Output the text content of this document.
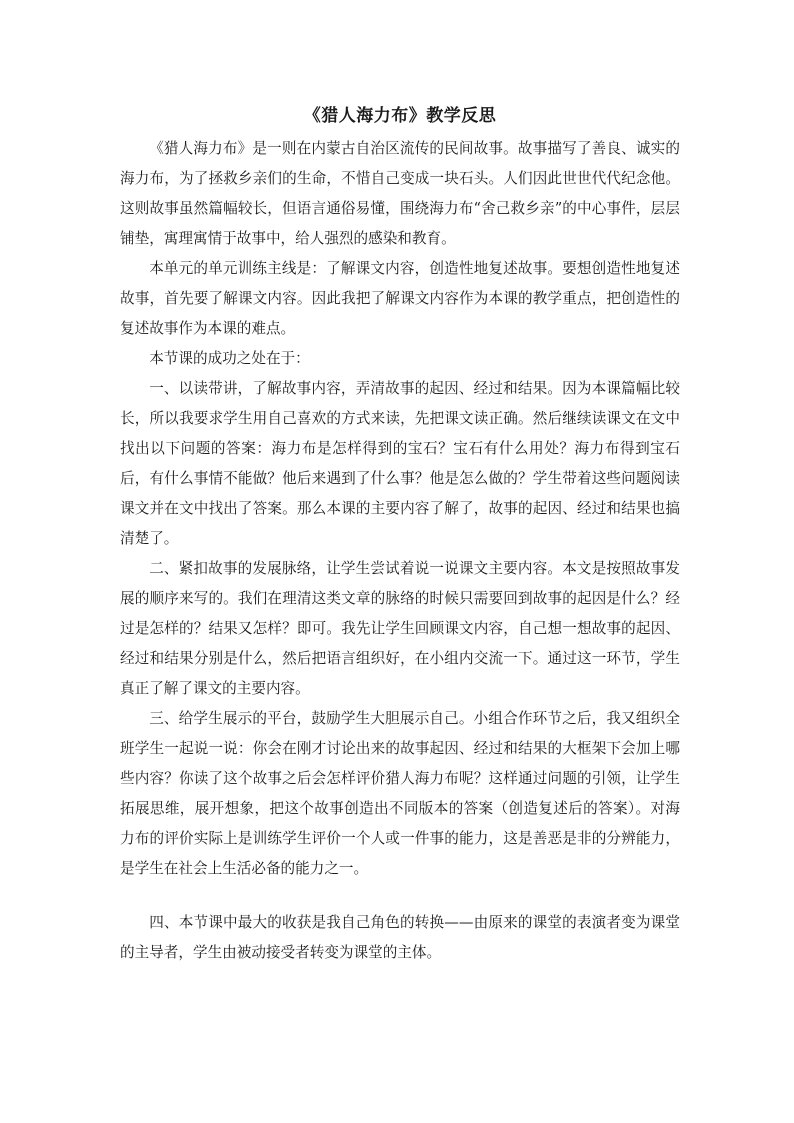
《猎人海力布》教学反思

《猎人海力布》是一则在内蒙古自治区流传的民间故事。故事描写了善良、诚实的海力布，为了拯救乡亲们的生命，不惜自己变成一块石头。人们因此世世代代纪念他。这则故事虽然篇幅较长，但语言通俗易懂，围绕海力布“舍己救乡亲”的中心事件，层层铺垫，寓理寓情于故事中，给人强烈的感染和教育。

本单元的单元训练主线是：了解课文内容，创造性地复述故事。要想创造性地复述故事，首先要了解课文内容。因此我把了解课文内容作为本课的教学重点，把创造性的复述故事作为本课的难点。

本节课的成功之处在于：

一、以读带讲，了解故事内容，弄清故事的起因、经过和结果。因为本课篇幅比较长，所以我要求学生用自己喜欢的方式来读，先把课文读正确。然后继续读课文在文中找出以下问题的答案：海力布是怎样得到的宝石？宝石有什么用处？海力布得到宝石后，有什么事情不能做？他后来遇到了什么事？他是怎么做的？学生带着这些问题阅读课文并在文中找出了答案。那么本课的主要内容了解了，故事的起因、经过和结果也搞清楚了。

二、紧扣故事的发展脉络，让学生尝试着说一说课文主要内容。本文是按照故事发展的顺序来写的。我们在理清这类文章的脉络的时候只需要回到故事的起因是什么？经过是怎样的？结果又怎样？即可。我先让学生回顾课文内容，自己想一想故事的起因、经过和结果分别是什么，然后把语言组织好，在小组内交流一下。通过这一环节，学生真正了解了课文的主要内容。

三、给学生展示的平台，鼓励学生大胆展示自己。小组合作环节之后，我又组织全班学生一起说一说：你会在刚才讨论出来的故事起因、经过和结果的大框架下会加上哪些内容？你读了这个故事之后会怎样评价猎人海力布呢？这样通过问题的引领，让学生拓展思维，展开想象，把这个故事创造出不同版本的答案（创造复述后的答案）。对海力布的评价实际上是训练学生评价一个人或一件事的能力，这是善恶是非的分辨能力，是学生在社会上生活必备的能力之一。

四、本节课中最大的收获是我自己角色的转换——由原来的课堂的表演者变为课堂的主导者，学生由被动接受者转变为课堂的主体。
